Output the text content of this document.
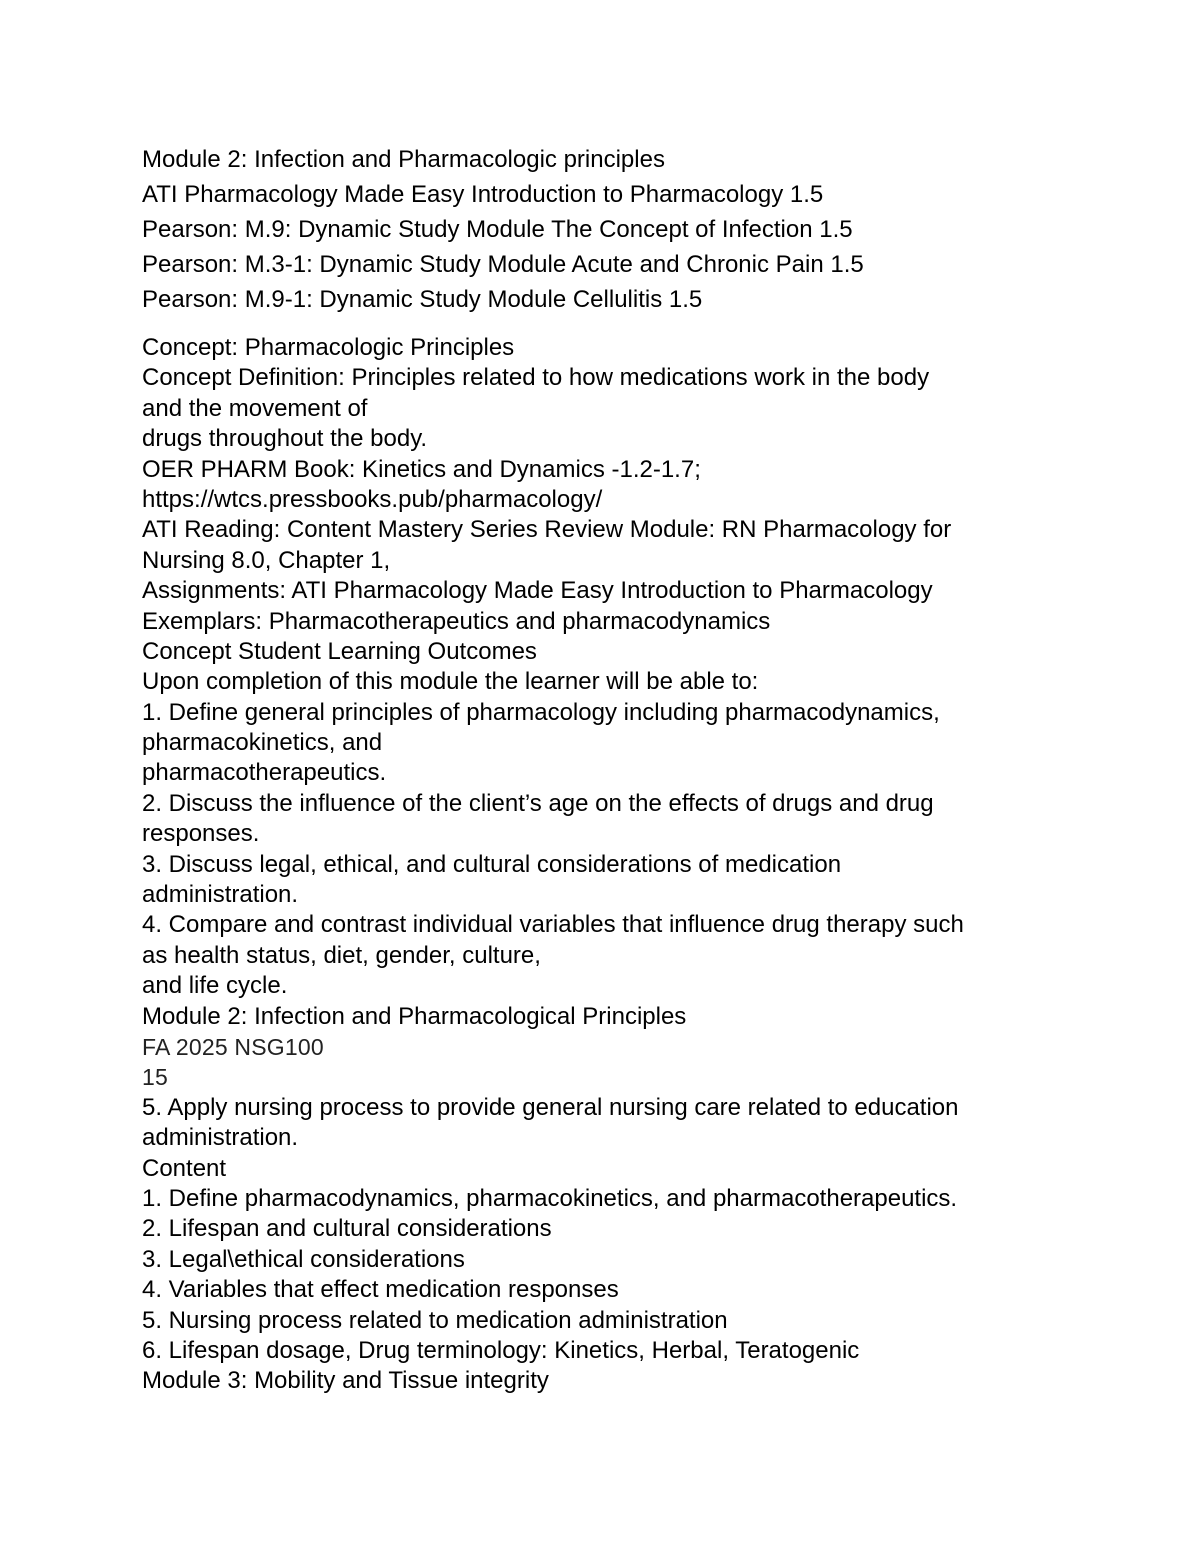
Module 2: Infection and Pharmacologic principles
ATI Pharmacology Made Easy Introduction to Pharmacology 1.5
Pearson: M.9: Dynamic Study Module The Concept of Infection 1.5
Pearson: M.3-1: Dynamic Study Module Acute and Chronic Pain 1.5
Pearson: M.9-1: Dynamic Study Module Cellulitis 1.5
Concept: Pharmacologic Principles
Concept Definition: Principles related to how medications work in the body
and the movement of
drugs throughout the body.
OER PHARM Book: Kinetics and Dynamics -1.2-1.7;
https://wtcs.pressbooks.pub/pharmacology/
ATI Reading: Content Mastery Series Review Module: RN Pharmacology for
Nursing 8.0, Chapter 1,
Assignments: ATI Pharmacology Made Easy Introduction to Pharmacology
Exemplars: Pharmacotherapeutics and pharmacodynamics
Concept Student Learning Outcomes
Upon completion of this module the learner will be able to:
1. Define general principles of pharmacology including pharmacodynamics,
pharmacokinetics, and
pharmacotherapeutics.
2. Discuss the influence of the client’s age on the effects of drugs and drug
responses.
3. Discuss legal, ethical, and cultural considerations of medication
administration.
4. Compare and contrast individual variables that influence drug therapy such
as health status, diet, gender, culture,
and life cycle.
Module 2: Infection and Pharmacological Principles
FA 2025 NSG100
15
5. Apply nursing process to provide general nursing care related to education
administration.
Content
1. Define pharmacodynamics, pharmacokinetics, and pharmacotherapeutics.
2. Lifespan and cultural considerations
3. Legal\ethical considerations
4. Variables that effect medication responses
5. Nursing process related to medication administration
6. Lifespan dosage, Drug terminology: Kinetics, Herbal, Teratogenic
Module 3: Mobility and Tissue integrity
